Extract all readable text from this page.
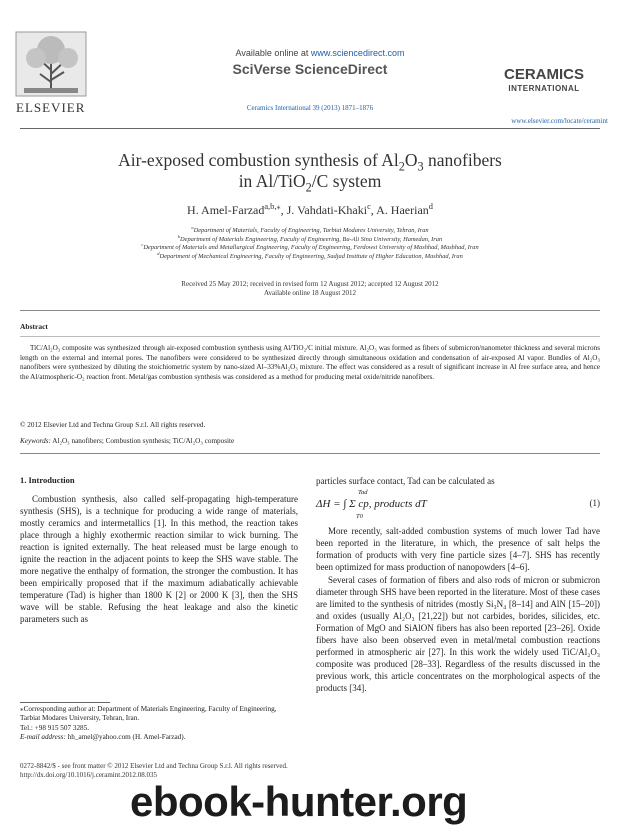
ELSEVIER
Available online at www.sciencedirect.com
SciVerse ScienceDirect
Ceramics International 39 (2013) 1871–1876
CERAMICS
INTERNATIONAL
www.elsevier.com/locate/ceramint
Air-exposed combustion synthesis of $Al_2O_3$ nanofibers
in Al/TiO$_2$/C system
H. Amel-Farzad$^{a,b,⁎}$, J. Vahdati-Khaki$^c$, A. Haerian$^d$
$^a$Department of Materials, Faculty of Engineering, Tarbiat Modares University, Tehran, Iran
$^b$Department of Materials Engineering, Faculty of Engineering, Bu-Ali Sina University, Hamedan, Iran
$^c$Department of Materials and Metallurgical Engineering, Faculty of Engineering, Ferdowsi University of Mashhad, Mashhad, Iran
$^d$Department of Mechanical Engineering, Faculty of Engineering, Sadjad Institute of Higher Education, Mashhad, Iran
Received 25 May 2012; received in revised form 12 August 2012; accepted 12 August 2012
Available online 18 August 2012
Abstract
TiC/Al₂O₃ composite was synthesized through air-exposed combustion synthesis using Al/TiO₂/C initial mixture. Al₂O₃ was formed as fibers of submicron/nanometer thickness and several microns length on the external and internal pores. The nanofibers were considered to be synthesized directly through simultaneous oxidation and condensation of air-exposed Al vapor. Bundles of Al₂O₃ nanofibers were synthesized by diluting the stoichiometric system by nano-sized Al–33%Al₂O₃ mixture. The effect was considered as a result of significant increase in Al free surface area, and hence the Al/atmospheric-O₂ reaction front. Metal/gas combustion synthesis was considered as a method for producing metal oxide/nitride nanofibers.
© 2012 Elsevier Ltd and Techna Group S.r.l. All rights reserved.
Keywords: Al₂O₃ nanofibers; Combustion synthesis; TiC/Al₂O₃ composite
1. Introduction
Combustion synthesis, also called self-propagating high-temperature synthesis (SHS), is a technique for producing a wide range of materials, mostly ceramics and intermetallics [1]. In this method, the reaction takes place through a highly exothermic reaction similar to wick burning. The reaction is ignited externally. The heat released must be large enough to ignite the reaction in the adjacent points to keep the SHS wave stable. The more negative the enthalpy of formation, the stronger the combustion. It has been empirically proposed that if the maximum adiabatically achievable temperature (Tad) is higher than 1800 K [2] or 2000 K [3], then the SHS wave will be stable. Refusing the heat leakage and also the kinetic parameters such as
⁎Corresponding author at: Department of Materials Engineering, Faculty of Engineering, Tarbiat Modares University, Tehran, Iran.
Tel.: +98 915 507 3285.
E-mail address: hh_amel@yahoo.com (H. Amel-Farzad).
particles surface contact, Tad can be calculated as
ΔH = ∫ Σ cp, products dT
Tad
T0
(1)

More recently, salt-added combustion systems of much lower Tad have been reported in the literature, in which, the presence of salt helps the formation of products with very fine particle sizes [4–7]. SHS has recently been optimized for mass production of nanopowders [4–6].

Several cases of formation of fibers and also rods of micron or submicron diameter through SHS have been reported in the literature. Most of these cases are limited to the synthesis of nitrides (mostly Si₃N₄ [8–14] and AlN [15–20]) and oxides (usually Al₂O₃ [21,22]) but not carbides, borides, silicides, etc. Formation of MgO and SiAlON fibers has also been reported [23–26]. Oxide fibers have also been observed even in metal/metal combustion reactions performed in atmospheric air [27]. In this work the widely used TiC/Al₂O₃ composite was produced [28–33]. Regardless of the results discussed in the previous work, this article concentrates on the morphological aspects of the products [34].

0272-8842/$ - see front matter © 2012 Elsevier Ltd and Techna Group S.r.l. All rights reserved.
http://dx.doi.org/10.1016/j.ceramint.2012.08.035
ebook-hunter.org
